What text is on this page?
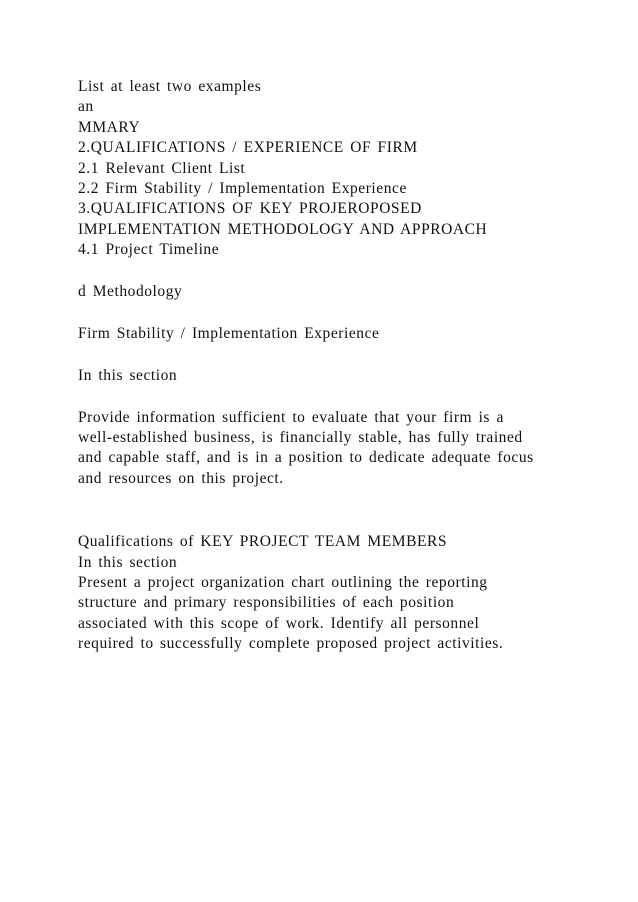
List at least two examples
an
MMARY
2.QUALIFICATIONS / EXPERIENCE OF FIRM
2.1 Relevant Client List
2.2 Firm Stability / Implementation Experience
3.QUALIFICATIONS OF KEY PROJEROPOSED
IMPLEMENTATION METHODOLOGY AND APPROACH
4.1 Project Timeline
d Methodology
Firm Stability / Implementation Experience
In this section
Provide information sufficient to evaluate that your firm is a
well-established business, is financially stable, has fully trained
and capable staff, and is in a position to dedicate adequate focus
and resources on this project.
Qualifications of KEY PROJECT TEAM MEMBERS
In this section
Present a project organization chart outlining the reporting
structure and primary responsibilities of each position
associated with this scope of work. Identify all personnel
required to successfully complete proposed project activities.
